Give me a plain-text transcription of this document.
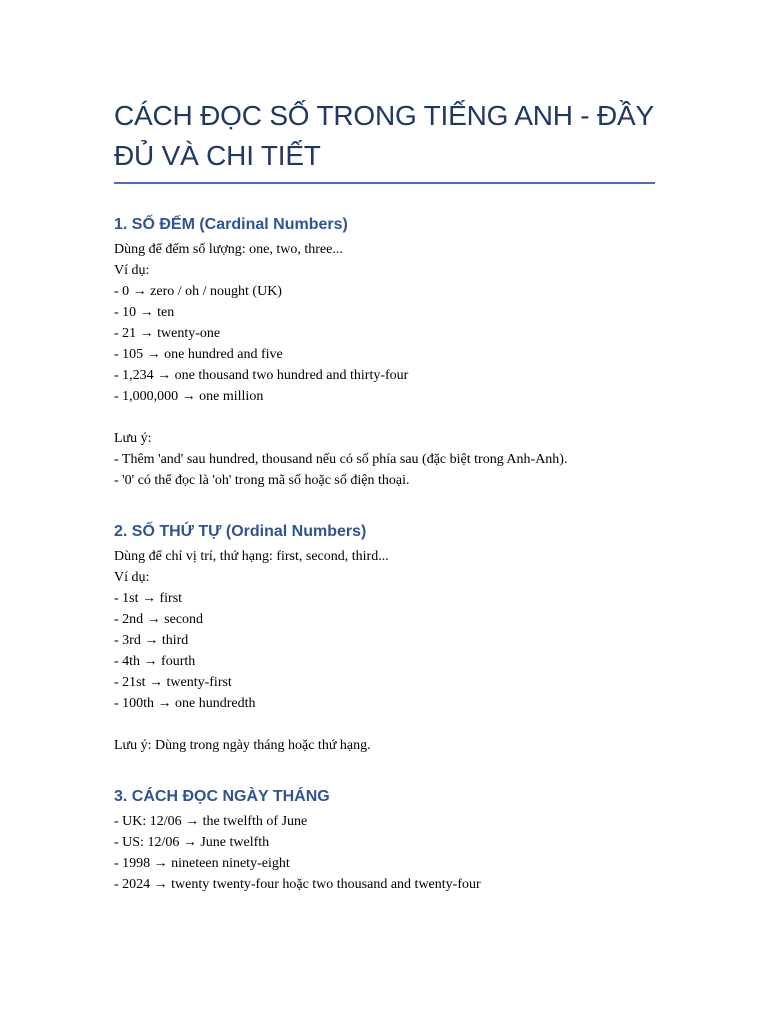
CÁCH ĐỌC SỐ TRONG TIẾNG ANH - ĐẦY ĐỦ VÀ CHI TIẾT
1. SỐ ĐẾM (Cardinal Numbers)

Dùng để đếm số lượng: one, two, three...

Ví dụ:

- 0 → zero / oh / nought (UK)

- 10 → ten

- 21 → twenty-one

- 105 → one hundred and five

- 1,234 → one thousand two hundred and thirty-four

- 1,000,000 → one million

Lưu ý:

- Thêm 'and' sau hundred, thousand nếu có số phía sau (đặc biệt trong Anh-Anh).

- '0' có thể đọc là 'oh' trong mã số hoặc số điện thoại.

2. SỐ THỨ TỰ (Ordinal Numbers)

Dùng để chỉ vị trí, thứ hạng: first, second, third...

Ví dụ:

- 1st → first

- 2nd → second

- 3rd → third

- 4th → fourth

- 21st → twenty-first

- 100th → one hundredth

Lưu ý: Dùng trong ngày tháng hoặc thứ hạng.

3. CÁCH ĐỌC NGÀY THÁNG

- UK: 12/06 → the twelfth of June

- US: 12/06 → June twelfth

- 1998 → nineteen ninety-eight

- 2024 → twenty twenty-four hoặc two thousand and twenty-four
